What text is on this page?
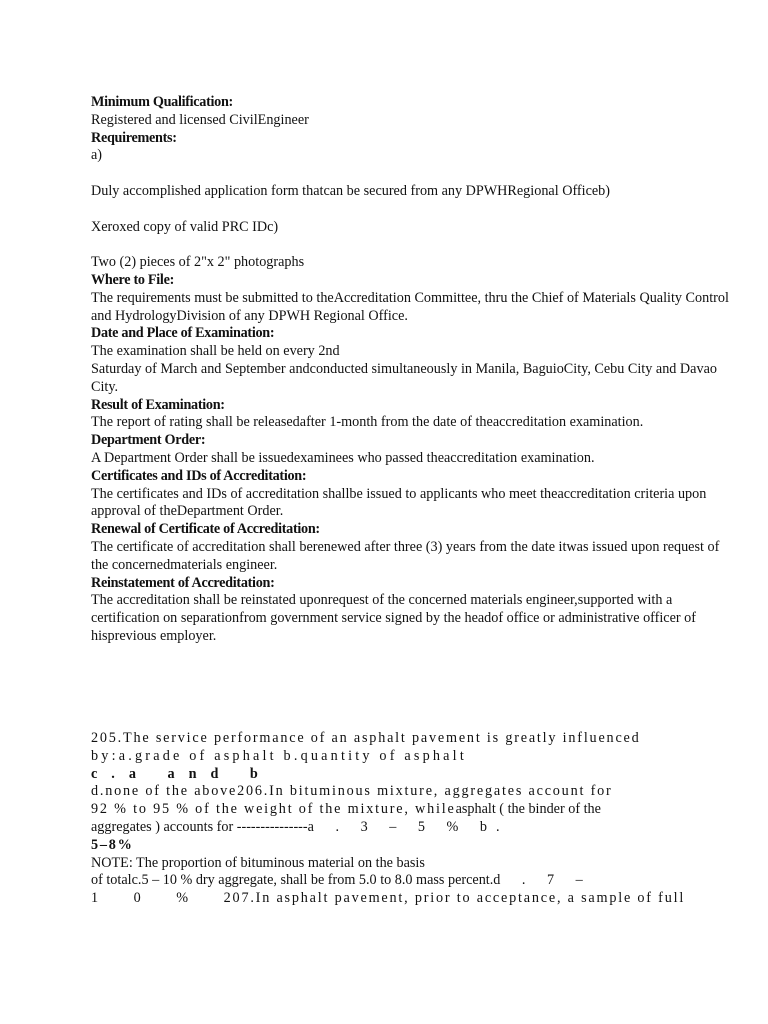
Minimum Qualification:
Registered and licensed CivilEngineer
Requirements:
a)
Duly accomplished application form thatcan be secured from any DPWHRegional Officeb)
Xeroxed copy of valid PRC IDc)
Two (2) pieces of 2"x 2" photographs
Where to File:
The requirements must be submitted to theAccreditation Committee, thru the Chief of Materials Quality Control and HydrologyDivision of any DPWH Regional Office.
Date and Place of Examination:
The examination shall be held on every 2nd
Saturday of March and September andconducted simultaneously in Manila, BaguioCity, Cebu City and Davao City.
Result of Examination:
The report of rating shall be releasedafter 1-month from the date of theaccreditation examination.
Department Order:
A Department Order shall be issuedexaminees who passed theaccreditation examination.
Certificates and IDs of Accreditation:
The certificates and IDs of accreditation shallbe issued to applicants who meet theaccreditation criteria upon approval of theDepartment Order.
Renewal of Certificate of Accreditation:
The certificate of accreditation shall berenewed after three (3) years from the date itwas issued upon request of the concernedmaterials engineer.
Reinstatement of Accreditation:
The accreditation shall be reinstated uponrequest of the concerned materials engineer,supported with a certification on separationfrom government service signed by the headof office or administrative officer of hisprevious employer.
205.The service performance of an asphalt pavement is greatly influenced
by:a.grade of asphalt b.quantity of asphalt
c.a and b
d.none of the above206.In bituminous mixture, aggregates account for
92 % to 95 % of the weight of the mixture, whileasphalt ( the binder of the
aggregates ) accounts for ---------------a . 3 – 5 % b.
5–8%
NOTE: The proportion of bituminous material on the basis
of totalc.5 – 10 % dry aggregate, shall be from 5.0 to 8.0 mass percent.d . 7 –
1 0 % 207.In asphalt pavement, prior to acceptance, a sample of full
